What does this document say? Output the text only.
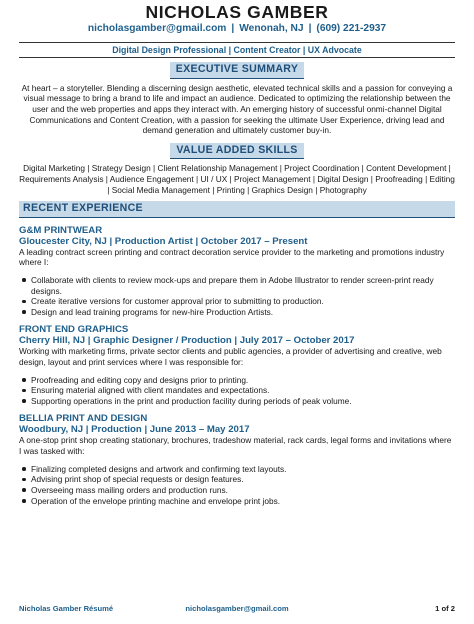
NICHOLAS GAMBER
nicholasgamber@gmail.com | Wenonah, NJ | (609) 221-2937
Digital Design Professional | Content Creator | UX Advocate
EXECUTIVE SUMMARY

At heart – a storyteller. Blending a discerning design aesthetic, elevated technical skills and a passion for conveying a visual message to bring a brand to life and impact an audience. Dedicated to optimizing the relationship between the user and the web properties and apps they interact with. An emerging history of successful onmi-channel Digital Communications and Content Creation, with a passion for seeking the ultimate User Experience, driving lead and demand generation and ultimately customer buy-in.

VALUE ADDED SKILLS

Digital Marketing | Strategy Design | Client Relationship Management | Project Coordination | Content Development | Requirements Analysis | Audience Engagement | UI / UX | Project Management | Digital Design | Proofreading | Editing | Social Media Management | Printing | Graphics Design | Photography

RECENT EXPERIENCE
G&M PRINTWEAR
Gloucester City, NJ | Production Artist | October 2017 – Present

A leading contract screen printing and contract decoration service provider to the marketing and promotions industry where I:

Collaborate with clients to review mock-ups and prepare them in Adobe Illustrator to render screen-print ready designs.
Create iterative versions for customer approval prior to submitting to production.
Design and lead training programs for new-hire Production Artists.
FRONT END GRAPHICS
Cherry Hill, NJ | Graphic Designer / Production | July 2017 – October 2017

Working with marketing firms, private sector clients and public agencies, a provider of advertising and creative, web design, layout and print services where I was responsible for:

Proofreading and editing copy and designs prior to printing.
Ensuring material aligned with client mandates and expectations.
Supporting operations in the print and production facility during periods of peak volume.
BELLIA PRINT AND DESIGN
Woodbury, NJ | Production | June 2013 – May 2017

A one-stop print shop creating stationary, brochures, tradeshow material, rack cards, legal forms and invitations where I was tasked with:

Finalizing completed designs and artwork and confirming text layouts.
Advising print shop of special requests or design features.
Overseeing mass mailing orders and production runs.
Operation of the envelope printing machine and envelope print jobs.
Nicholas Gamber Résumé	nicholasgamber@gmail.com	1 of 2
